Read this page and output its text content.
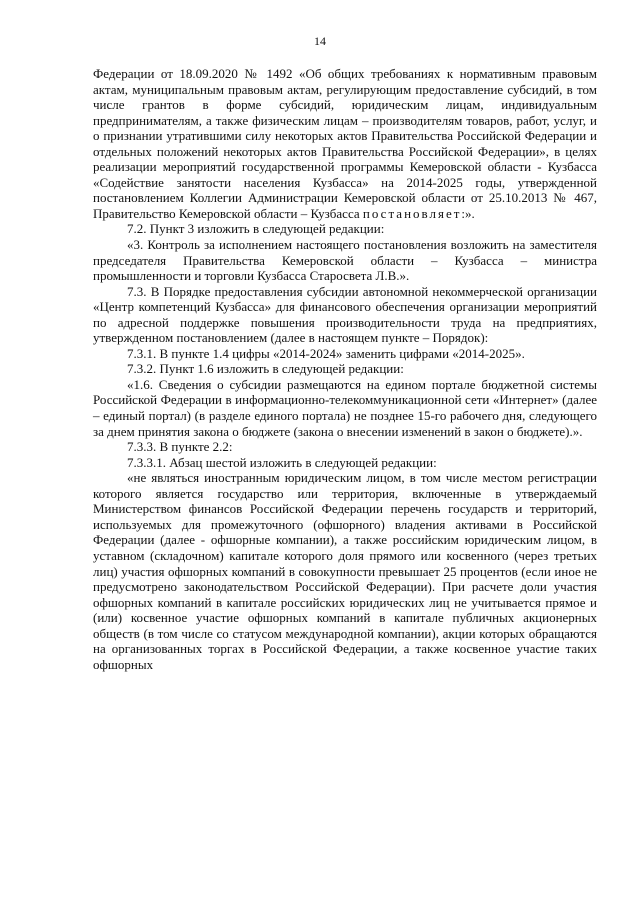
14

Федерации от 18.09.2020 № 1492 «Об общих требованиях к нормативным правовым актам, муниципальным правовым актам, регулирующим предоставление субсидий, в том числе грантов в форме субсидий, юридическим лицам, индивидуальным предпринимателям, а также физическим лицам – производителям товаров, работ, услуг, и о признании утратившими силу некоторых актов Правительства Российской Федерации и отдельных положений некоторых актов Правительства Российской Федерации», в целях реализации мероприятий государственной программы Кемеровской области - Кузбасса «Содействие занятости населения Кузбасса» на 2014-2025 годы, утвержденной постановлением Коллегии Администрации Кемеровской области от 25.10.2013 № 467, Правительство Кемеровской области – Кузбасса постановляет:».

7.2. Пункт 3 изложить в следующей редакции:

«3. Контроль за исполнением настоящего постановления возложить на заместителя председателя Правительства Кемеровской области – Кузбасса – министра промышленности и торговли Кузбасса Старосвета Л.В.».

7.3. В Порядке предоставления субсидии автономной некоммерческой организации «Центр компетенций Кузбасса» для финансового обеспечения организации мероприятий по адресной поддержке повышения производительности труда на предприятиях, утвержденном постановлением (далее в настоящем пункте – Порядок):

7.3.1. В пункте 1.4 цифры «2014-2024» заменить цифрами «2014-2025».

7.3.2. Пункт 1.6 изложить в следующей редакции:

«1.6. Сведения о субсидии размещаются на едином портале бюджетной системы Российской Федерации в информационно-телекоммуникационной сети «Интернет» (далее – единый портал) (в разделе единого портала) не позднее 15-го рабочего дня, следующего за днем принятия закона о бюджете (закона о внесении изменений в закон о бюджете).».

7.3.3. В пункте 2.2:

7.3.3.1. Абзац шестой изложить в следующей редакции:

«не являться иностранным юридическим лицом, в том числе местом регистрации которого является государство или территория, включенные в утверждаемый Министерством финансов Российской Федерации перечень государств и территорий, используемых для промежуточного (офшорного) владения активами в Российской Федерации (далее - офшорные компании), а также российским юридическим лицом, в уставном (складочном) капитале которого доля прямого или косвенного (через третьих лиц) участия офшорных компаний в совокупности превышает 25 процентов (если иное не предусмотрено законодательством Российской Федерации). При расчете доли участия офшорных компаний в капитале российских юридических лиц не учитывается прямое и (или) косвенное участие офшорных компаний в капитале публичных акционерных обществ (в том числе со статусом международной компании), акции которых обращаются на организованных торгах в Российской Федерации, а также косвенное участие таких офшорных
